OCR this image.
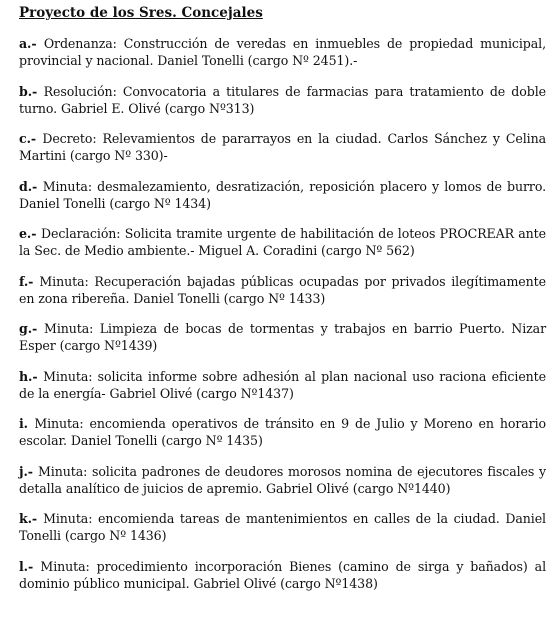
Proyecto de los Sres. Concejales

a.- Ordenanza: Construcción de veredas en inmuebles de propiedad municipal, provincial y nacional. Daniel Tonelli (cargo Nº 2451).-

b.- Resolución: Convocatoria a titulares de farmacias para tratamiento de doble turno. Gabriel E. Olivé (cargo Nº313)

c.- Decreto: Relevamientos de pararrayos en la ciudad. Carlos Sánchez y Celina Martini (cargo Nº 330)-

d.- Minuta: desmalezamiento, desratización, reposición placero y lomos de burro. Daniel Tonelli (cargo Nº 1434)

e.- Declaración: Solicita tramite urgente de habilitación de loteos PROCREAR ante la Sec. de Medio ambiente.- Miguel A. Coradini (cargo Nº 562)

f.- Minuta: Recuperación bajadas públicas ocupadas por privados ilegítimamente en zona ribereña. Daniel Tonelli (cargo Nº 1433)

g.- Minuta: Limpieza de bocas de tormentas y trabajos en barrio Puerto. Nizar Esper (cargo Nº1439)

h.- Minuta: solicita informe sobre adhesión al plan nacional uso raciona eficiente de la energía- Gabriel Olivé (cargo Nº1437)

i. Minuta: encomienda operativos de tránsito en 9 de Julio y Moreno en horario escolar. Daniel Tonelli (cargo Nº 1435)

j.- Minuta: solicita padrones de deudores morosos nomina de ejecutores fiscales y detalla analítico de juicios de apremio. Gabriel Olivé (cargo Nº1440)

k.- Minuta: encomienda tareas de mantenimientos en calles de la ciudad. Daniel Tonelli (cargo Nº 1436)

l.- Minuta: procedimiento incorporación Bienes (camino de sirga y bañados) al dominio público municipal. Gabriel Olivé (cargo Nº1438)
